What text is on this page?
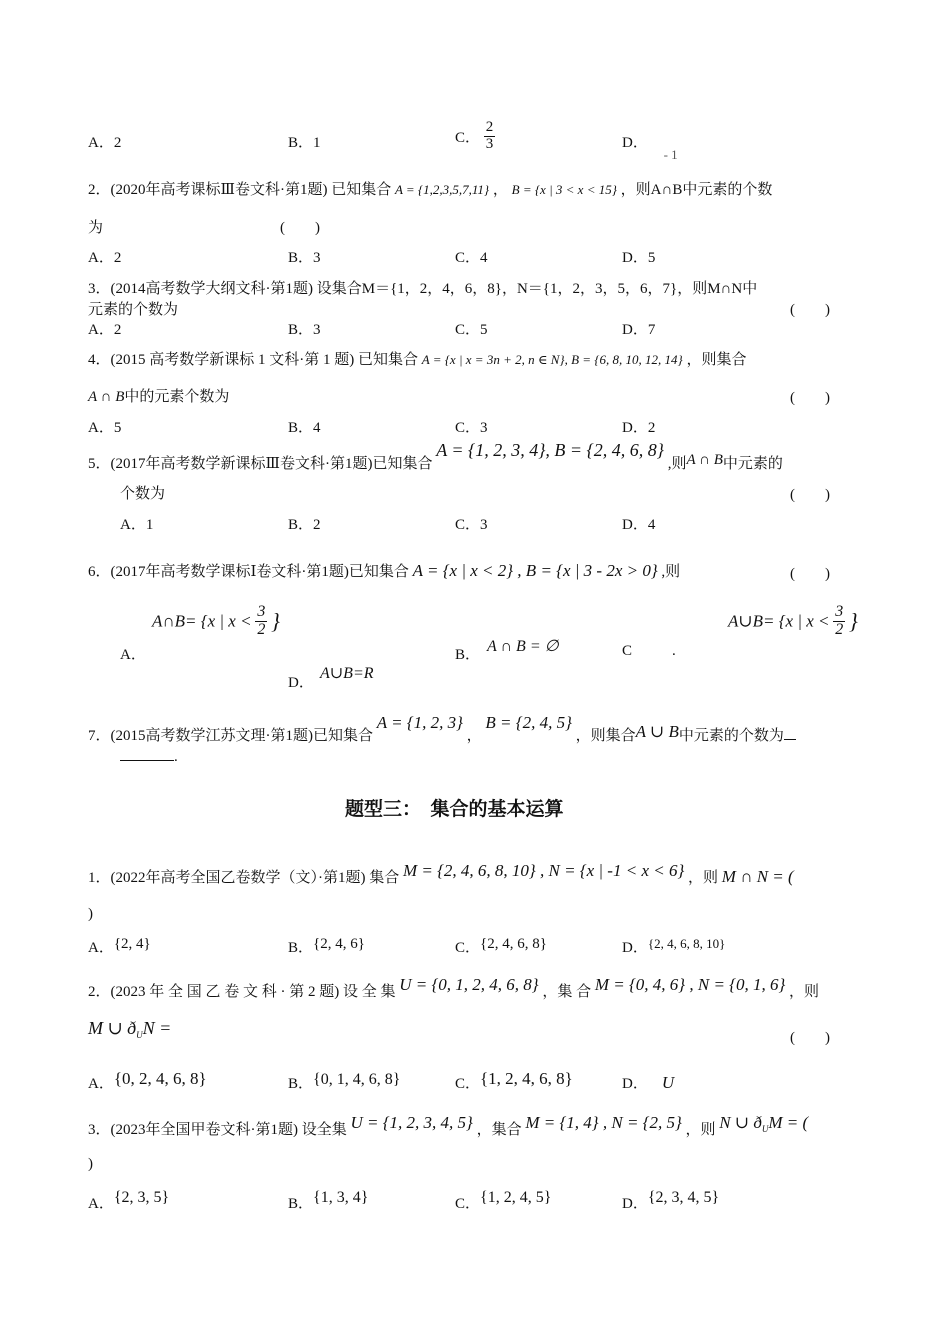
A．2	B．1	C． $\frac{2}{3}$	D． - 1
2．(2020年高考课标Ⅲ卷文科·第1题) 已知集合 A = {1,2,3,5,7,11} ， B = {x | 3 < x < 15} ，则A∩B中元素的个数
为	(　　)
A．2	B．3	C．4	D．5
3．(2014高考数学大纲文科·第1题) 设集合M＝{1，2，4，6，8}，N＝{1，2，3，5，6，7}，则M∩N中
元素的个数为	(　　)
A．2	B．3	C．5	D．7
4．(2015 高考数学新课标 1 文科·第 1 题) 已知集合 A = {x | x = 3n + 2, n ∈ N}, B = {6, 8, 10, 12, 14} ，则集合
A ∩ B中的元素个数为	(　　)
A．5	B．4	C．3	D．2
5．(2017年高考数学新课标Ⅲ卷文科·第1题)已知集合 A = {1, 2, 3, 4}, B = {2, 4, 6, 8} ,则A ∩ B中元素的
个数为	(　　)
A．1	B．2	C．3	D．4
6．(2017年高考数学课标Ⅰ卷文科·第1题)已知集合 A = {x | x < 2} , B = {x | 3 - 2x > 0} ,则	(　　)
A．
A∩B= {x | $x < \frac{3}{2}$ }
B． A ∩ B = ∅	C	.
A∪B= {x | $x < \frac{3}{2}$ }
D．
A∪B=R
7．(2015高考数学江苏文理·第1题)已知集合 A = {1, 2, 3} ， B = {2, 4, 5} ，则集合A ∪ B中元素的个数为
.
题型三：　集合的基本运算
1．(2022年高考全国乙卷数学（文）·第1题) 集合 M = {2, 4, 6, 8, 10} , N = {x | -1 < x < 6} ，则 M ∩ N = (
)
A．{2, 4}	B．{2, 4, 6}	C．{2, 4, 6, 8}	D．{2, 4, 6, 8, 10}
2．(2023 年 全 国 乙 卷 文 科 · 第 2 题) 设 全 集 U = {0, 1, 2, 4, 6, 8} ，集 合 M = {0, 4, 6} , N = {0, 1, 6} ，则
M ∪ $ð_UN$ =	(　　)
A．{0, 2, 4, 6, 8}	B．{0, 1, 4, 6, 8}	C．{1, 2, 4, 6, 8}	D． U
3．(2023年全国甲卷文科·第1题) 设全集 U = {1, 2, 3, 4, 5} ，集合 M = {1, 4} , N = {2, 5} ，则 N ∪ $ð_UM$ = (
)
A．{2, 3, 5}	B．{1, 3, 4}	C．{1, 2, 4, 5}	D．{2, 3, 4, 5}
